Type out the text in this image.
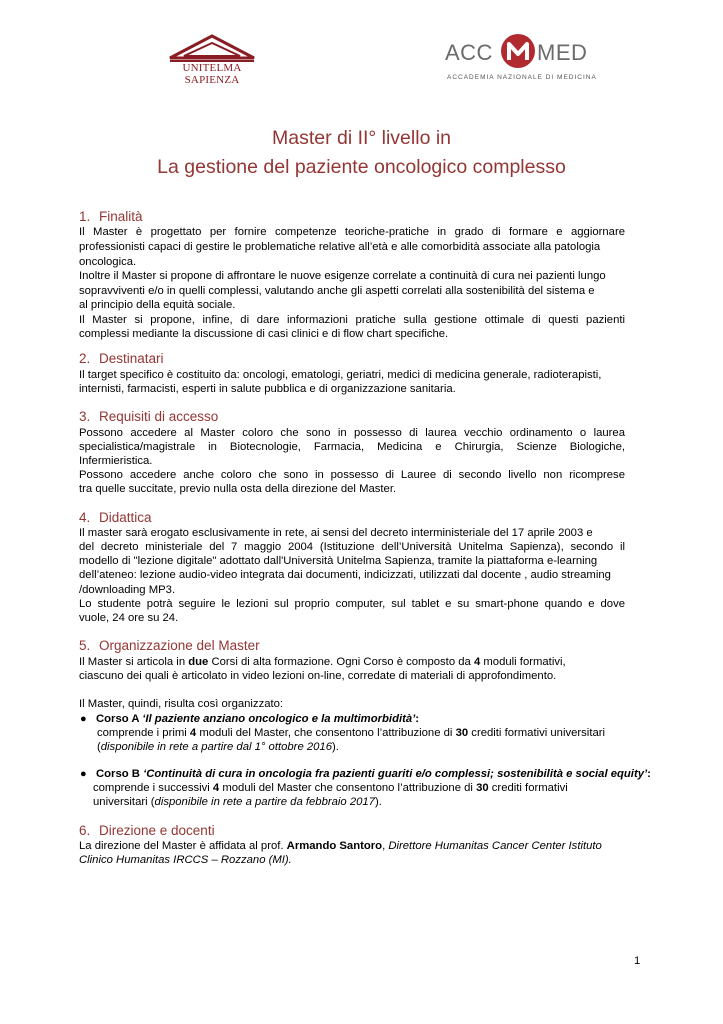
UNITELMA SAPIENZA
ACC MED
ACCADEMIA NAZIONALE DI MEDICINA
Master di II° livello in
La gestione del paziente oncologico complesso
1. Finalità
Il Master è progettato per fornire competenze teoriche-pratiche in grado di formare e aggiornare
professionisti capaci di gestire le problematiche relative all’età e alle comorbidità associate alla patologia
oncologica.
Inoltre il Master si propone di affrontare le nuove esigenze correlate a continuità di cura nei pazienti lungo
sopravviventi e/o in quelli complessi, valutando anche gli aspetti correlati alla sostenibilità del sistema e
al principio della equità sociale.
Il Master si propone, infine, di dare informazioni pratiche sulla gestione ottimale di questi pazienti
complessi mediante la discussione di casi clinici e di flow chart specifiche.
2. Destinatari
Il target specifico è costituito da: oncologi, ematologi, geriatri, medici di medicina generale, radioterapisti,
internisti, farmacisti, esperti in salute pubblica e di organizzazione sanitaria.
3. Requisiti di accesso
Possono accedere al Master coloro che sono in possesso di laurea vecchio ordinamento o laurea
specialistica/magistrale in Biotecnologie, Farmacia, Medicina e Chirurgia, Scienze Biologiche,
Infermieristica.
Possono accedere anche coloro che sono in possesso di Lauree di secondo livello non ricomprese
tra quelle succitate, previo nulla osta della direzione del Master.
4. Didattica
Il master sarà erogato esclusivamente in rete, ai sensi del decreto interministeriale del 17 aprile 2003 e
del decreto ministeriale del 7 maggio 2004 (Istituzione dell’Università Unitelma Sapienza), secondo il
modello di "lezione digitale" adottato dall'Università Unitelma Sapienza, tramite la piattaforma e-learning
dell’ateneo: lezione audio-video integrata dai documenti, indicizzati, utilizzati dal docente , audio streaming
/downloading MP3.
Lo studente potrà seguire le lezioni sul proprio computer, sul tablet e su smart-phone quando e dove
vuole, 24 ore su 24.
5. Organizzazione del Master
Il Master si articola in due Corsi di alta formazione. Ogni Corso è composto da 4 moduli formativi,
ciascuno dei quali è articolato in video lezioni on-line, corredate di materiali di approfondimento.
Il Master, quindi, risulta così organizzato:
● Corso A ‘Il paziente anziano oncologico e la multimorbidità’:
comprende i primi 4 moduli del Master, che consentono l’attribuzione di 30 crediti formativi universitari
(disponibile in rete a partire dal 1° ottobre 2016).
● Corso B ‘Continuità di cura in oncologia fra pazienti guariti e/o complessi; sostenibilità e social equity’:
comprende i successivi 4 moduli del Master che consentono l’attribuzione di 30 crediti formativi
universitari (disponibile in rete a partire da febbraio 2017).
6. Direzione e docenti
La direzione del Master è affidata al prof. Armando Santoro, Direttore Humanitas Cancer Center Istituto
Clinico Humanitas IRCCS – Rozzano (MI).
1
